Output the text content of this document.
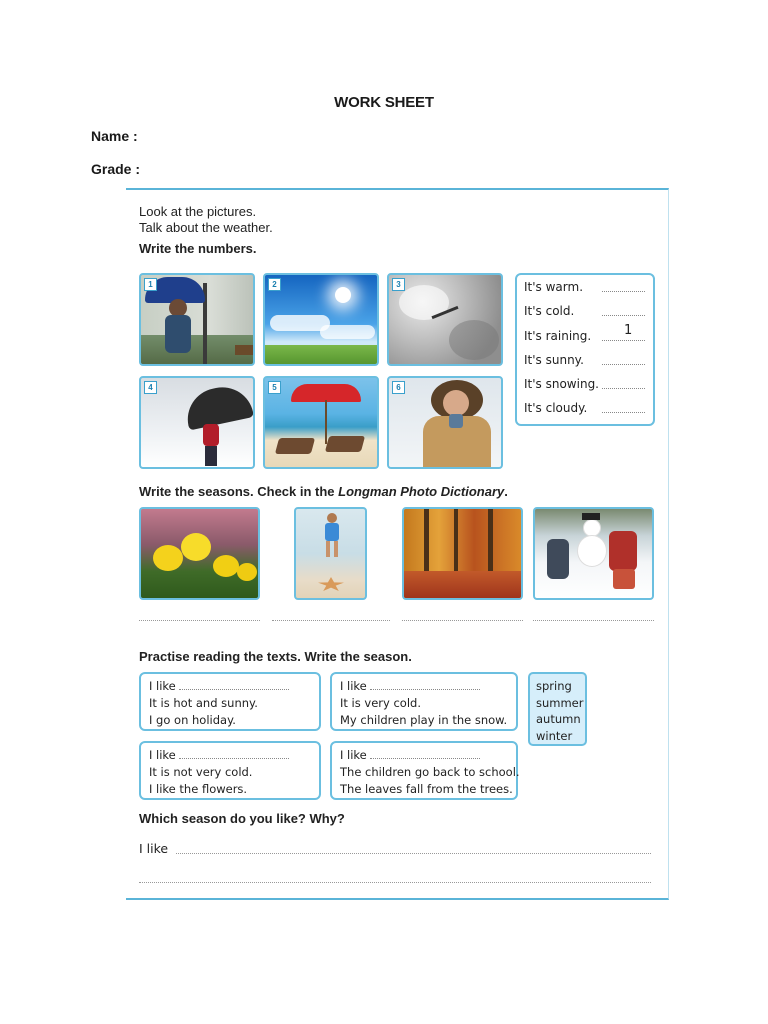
WORK SHEET
Name :
Grade :
Look at the pictures.
Talk about the weather.
Write the numbers.
1	2	3
4	5	6
It's warm.
It's cold.
It's raining.	1
It's sunny.
It's snowing.
It's cloudy.
Write the seasons. Check in the Longman Photo Dictionary.
Practise reading the texts. Write the season.
I like
It is hot and sunny.
I go on holiday.
I like
It is very cold.
My children play in the snow.
I like
It is not very cold.
I like the flowers.
I like
The children go back to school.
The leaves fall from the trees.
spring
summer
autumn
winter
Which season do you like? Why?
I like
